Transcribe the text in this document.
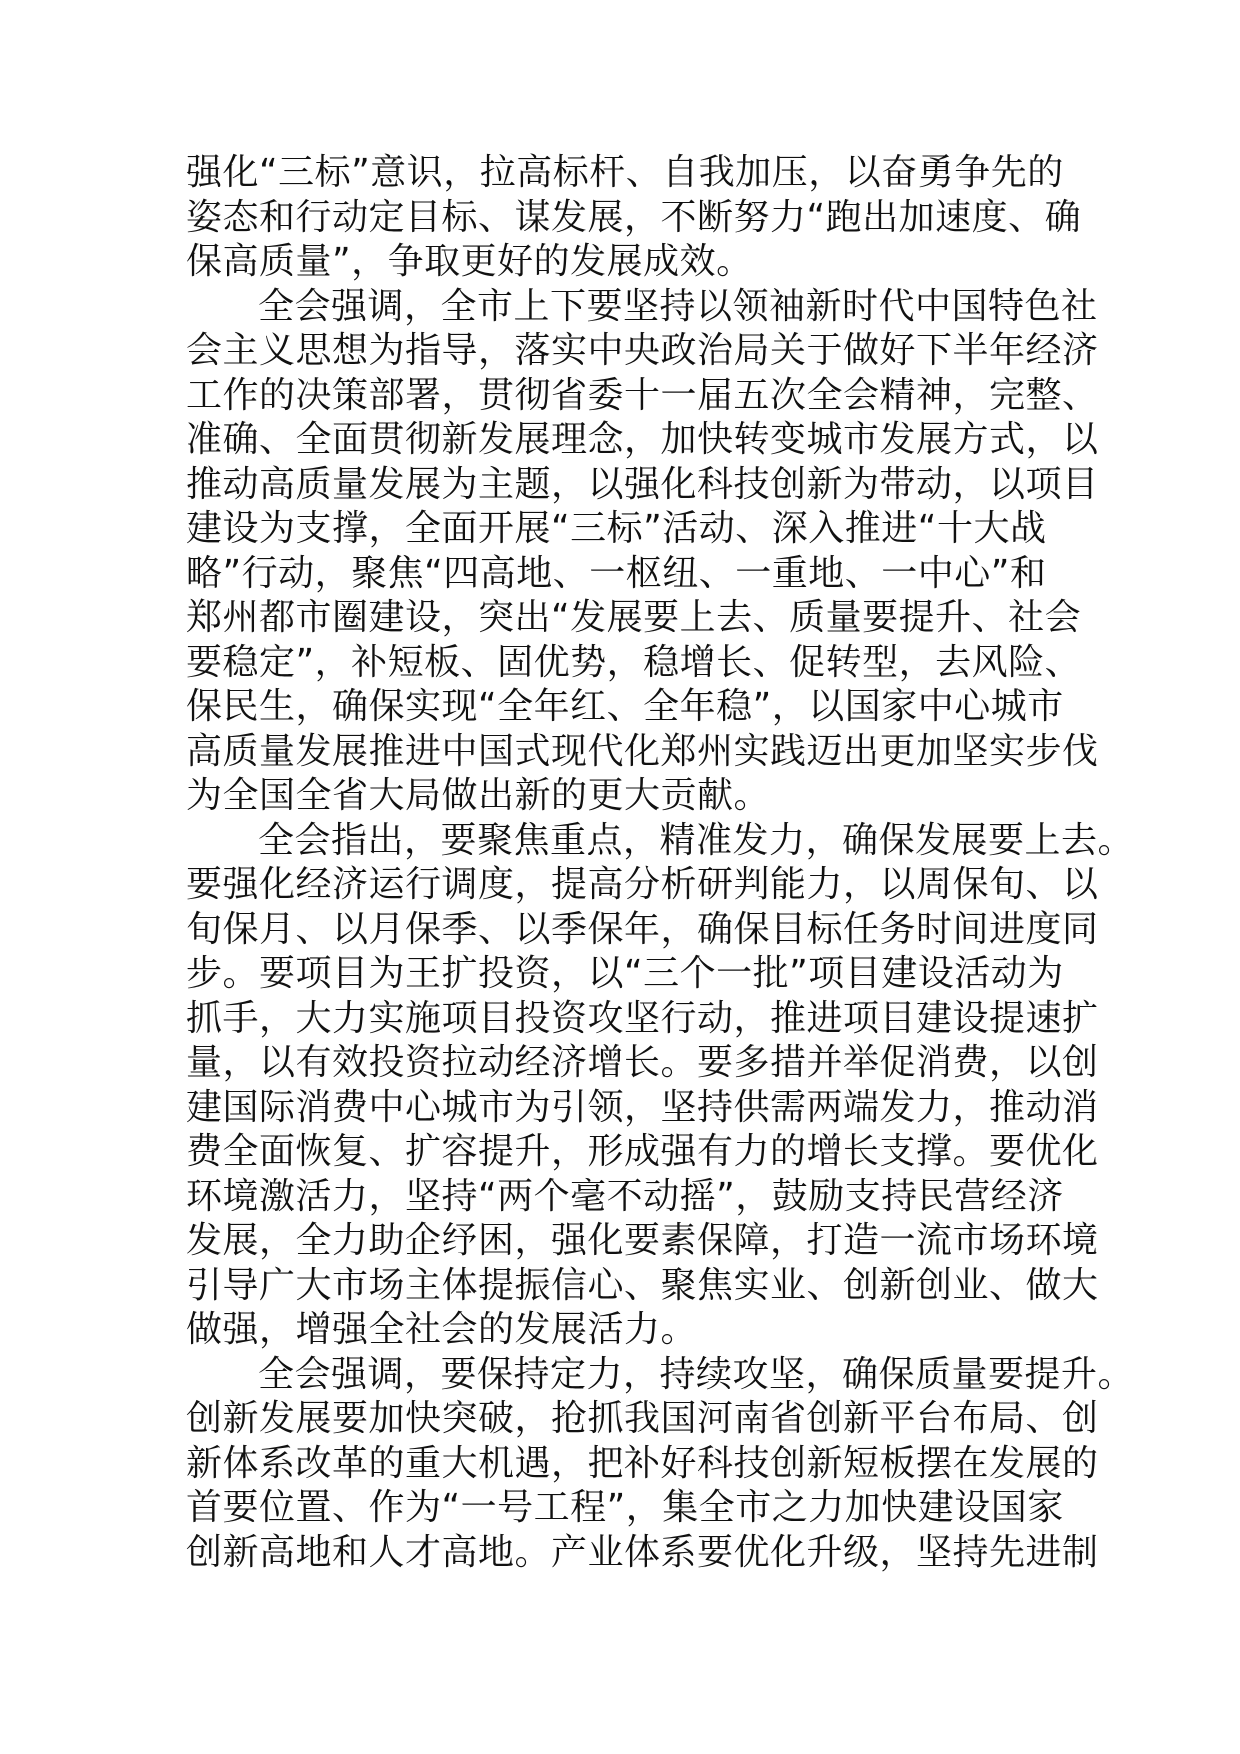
强化“三标”意识，拉高标杆、自我加压，以奋勇争先的
姿态和行动定目标、谋发展，不断努力“跑出加速度、确
保高质量”，争取更好的发展成效。
全会强调，全市上下要坚持以领袖新时代中国特色社
会主义思想为指导，落实中央政治局关于做好下半年经济
工作的决策部署，贯彻省委十一届五次全会精神，完整、
准确、全面贯彻新发展理念，加快转变城市发展方式，以
推动高质量发展为主题，以强化科技创新为带动，以项目
建设为支撑，全面开展“三标”活动、深入推进“十大战
略”行动，聚焦“四高地、一枢纽、一重地、一中心”和
郑州都市圈建设，突出“发展要上去、质量要提升、社会
要稳定”，补短板、固优势，稳增长、促转型，去风险、
保民生，确保实现“全年红、全年稳”，以国家中心城市
高质量发展推进中国式现代化郑州实践迈出更加坚实步伐
为全国全省大局做出新的更大贡献。
全会指出，要聚焦重点，精准发力，确保发展要上去。
要强化经济运行调度，提高分析研判能力，以周保旬、以
旬保月、以月保季、以季保年，确保目标任务时间进度同
步。要项目为王扩投资，以“三个一批”项目建设活动为
抓手，大力实施项目投资攻坚行动，推进项目建设提速扩
量，以有效投资拉动经济增长。要多措并举促消费，以创
建国际消费中心城市为引领，坚持供需两端发力，推动消
费全面恢复、扩容提升，形成强有力的增长支撑。要优化
环境激活力，坚持“两个毫不动摇”，鼓励支持民营经济
发展，全力助企纾困，强化要素保障，打造一流市场环境
引导广大市场主体提振信心、聚焦实业、创新创业、做大
做强，增强全社会的发展活力。
全会强调，要保持定力，持续攻坚，确保质量要提升。
创新发展要加快突破，抢抓我国河南省创新平台布局、创
新体系改革的重大机遇，把补好科技创新短板摆在发展的
首要位置、作为“一号工程”，集全市之力加快建设国家
创新高地和人才高地。产业体系要优化升级，坚持先进制
